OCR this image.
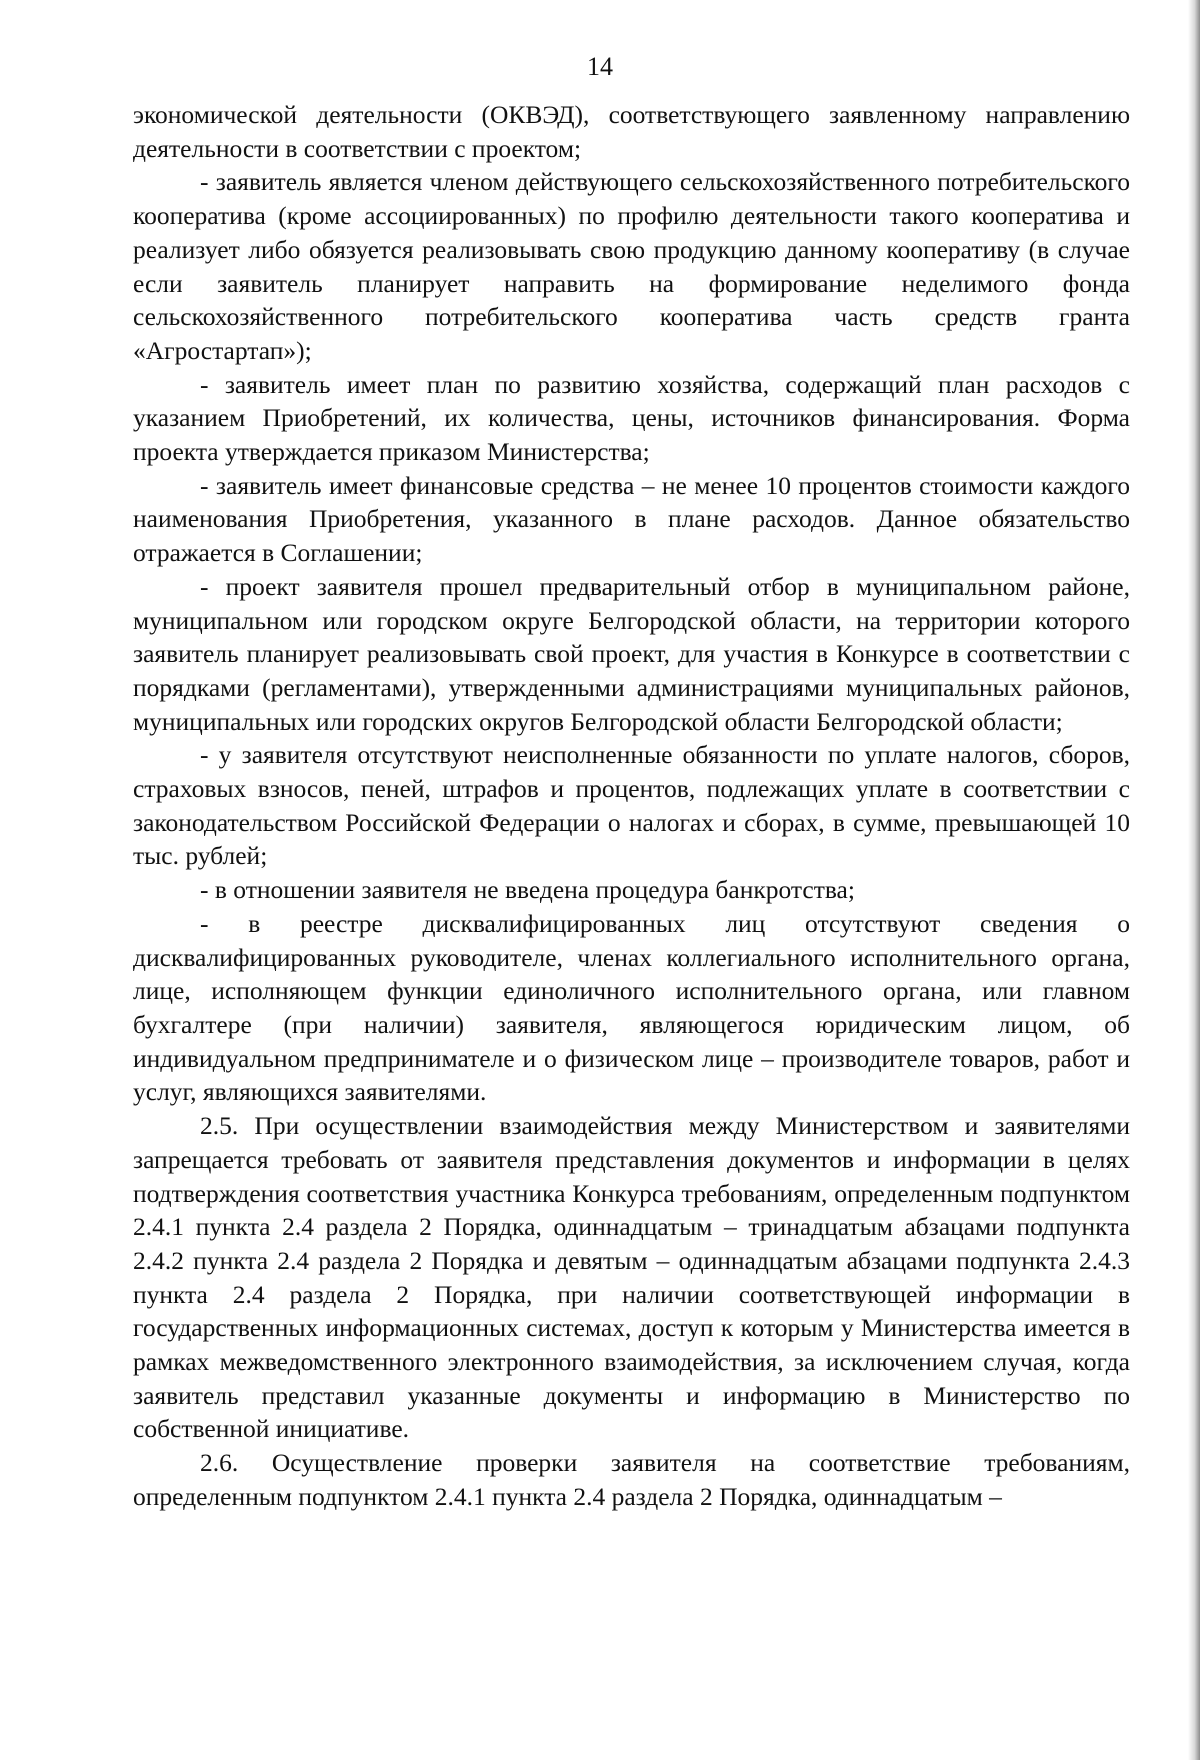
14

экономической деятельности (ОКВЭД), соответствующего заявленному направлению деятельности в соответствии с проектом;

- заявитель является членом действующего сельскохозяйственного потребительского кооператива (кроме ассоциированных) по профилю деятельности такого кооператива и реализует либо обязуется реализовывать свою продукцию данному кооперативу (в случае если заявитель планирует направить на формирование неделимого фонда сельскохозяйственного потребительского кооператива часть средств гранта «Агростартап»);

- заявитель имеет план по развитию хозяйства, содержащий план расходов с указанием Приобретений, их количества, цены, источников финансирования. Форма проекта утверждается приказом Министерства;

- заявитель имеет финансовые средства – не менее 10 процентов стоимости каждого наименования Приобретения, указанного в плане расходов. Данное обязательство отражается в Соглашении;

- проект заявителя прошел предварительный отбор в муниципальном районе, муниципальном или городском округе Белгородской области, на территории которого заявитель планирует реализовывать свой проект, для участия в Конкурсе в соответствии с порядками (регламентами), утвержденными администрациями муниципальных районов, муниципальных или городских округов Белгородской области Белгородской области;

- у заявителя отсутствуют неисполненные обязанности по уплате налогов, сборов, страховых взносов, пеней, штрафов и процентов, подлежащих уплате в соответствии с законодательством Российской Федерации о налогах и сборах, в сумме, превышающей 10 тыс. рублей;

- в отношении заявителя не введена процедура банкротства;

- в реестре дисквалифицированных лиц отсутствуют сведения о дисквалифицированных руководителе, членах коллегиального исполнительного органа, лице, исполняющем функции единоличного исполнительного органа, или главном бухгалтере (при наличии) заявителя, являющегося юридическим лицом, об индивидуальном предпринимателе и о физическом лице – производителе товаров, работ и услуг, являющихся заявителями.

2.5. При осуществлении взаимодействия между Министерством и заявителями запрещается требовать от заявителя представления документов и информации в целях подтверждения соответствия участника Конкурса требованиям, определенным подпунктом 2.4.1 пункта 2.4 раздела 2 Порядка, одиннадцатым – тринадцатым абзацами подпункта 2.4.2 пункта 2.4 раздела 2 Порядка и девятым – одиннадцатым абзацами подпункта 2.4.3 пункта 2.4 раздела 2 Порядка, при наличии соответствующей информации в государственных информационных системах, доступ к которым у Министерства имеется в рамках межведомственного электронного взаимодействия, за исключением случая, когда заявитель представил указанные документы и информацию в Министерство по собственной инициативе.

2.6. Осуществление проверки заявителя на соответствие требованиям, определенным подпунктом 2.4.1 пункта 2.4 раздела 2 Порядка, одиннадцатым –
